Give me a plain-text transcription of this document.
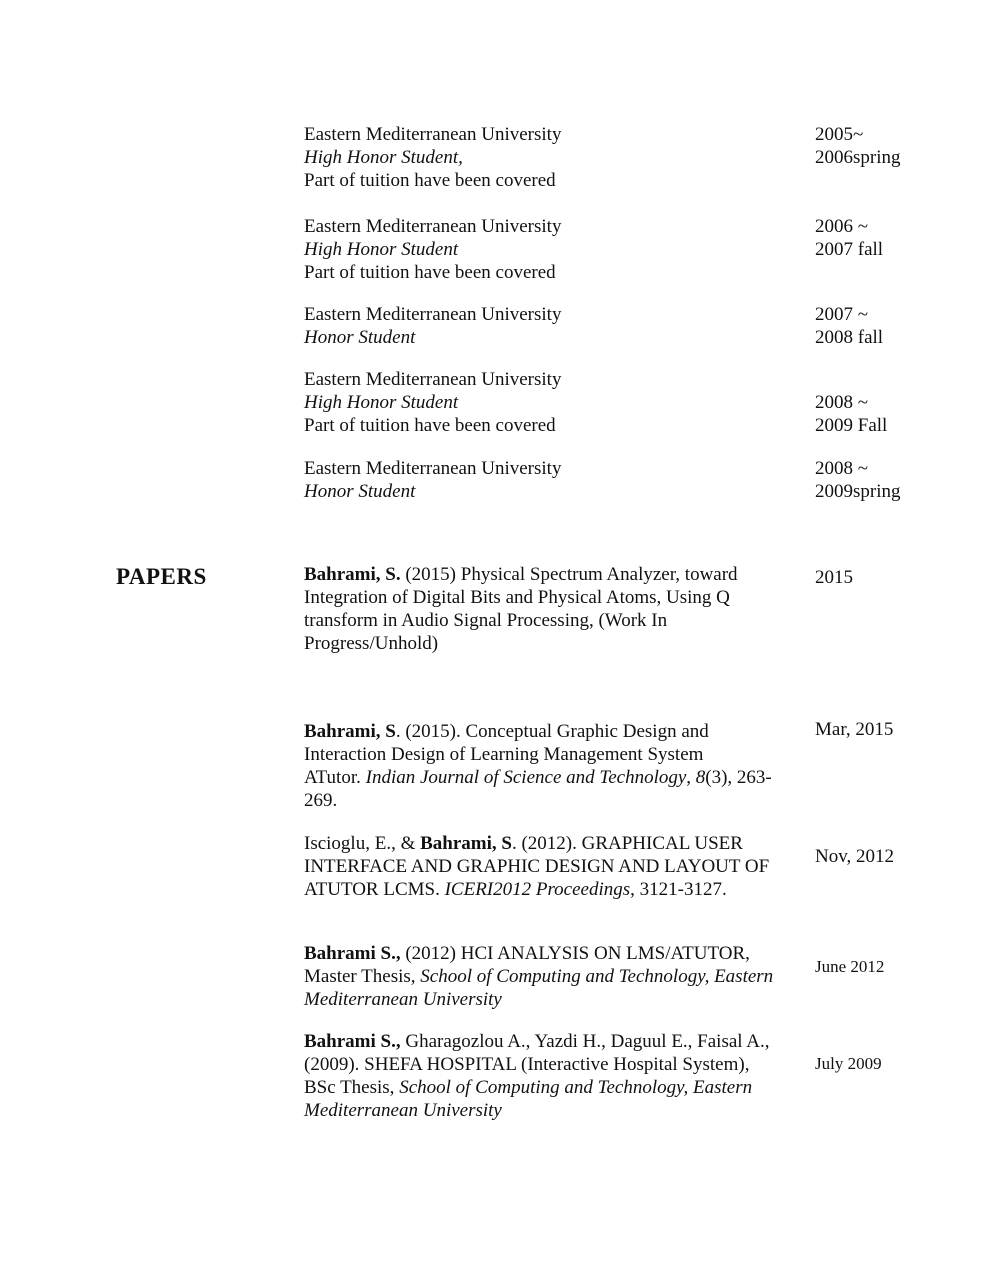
Eastern Mediterranean University
High Honor Student,
Part of tuition have been covered
2005~
2006spring
Eastern Mediterranean University
High Honor Student
Part of tuition have been covered
2006 ~
2007 fall
Eastern Mediterranean University
Honor Student
2007 ~
2008 fall
Eastern Mediterranean University
High Honor Student
Part of tuition have been covered
2008 ~
2009 Fall
Eastern Mediterranean University
Honor Student
2008 ~
2009spring
PAPERS	Bahrami, S. (2015) Physical Spectrum Analyzer, toward
Integration of Digital Bits and Physical Atoms, Using Q
transform in Audio Signal Processing, (Work In
Progress/Unhold)
2015
Bahrami, S. (2015). Conceptual Graphic Design and
Interaction Design of Learning Management System
ATutor. Indian Journal of Science and Technology, 8(3), 263-
269.
Mar, 2015
Iscioglu, E., & Bahrami, S. (2012). GRAPHICAL USER
INTERFACE AND GRAPHIC DESIGN AND LAYOUT OF
ATUTOR LCMS. ICERI2012 Proceedings, 3121-3127.
Nov, 2012
Bahrami S., (2012) HCI ANALYSIS ON LMS/ATUTOR,
Master Thesis, School of Computing and Technology, Eastern
Mediterranean University
June 2012
Bahrami S., Gharagozlou A., Yazdi H., Daguul E., Faisal A.,
(2009). SHEFA HOSPITAL (Interactive Hospital System),
BSc Thesis, School of Computing and Technology, Eastern
Mediterranean University
July 2009
